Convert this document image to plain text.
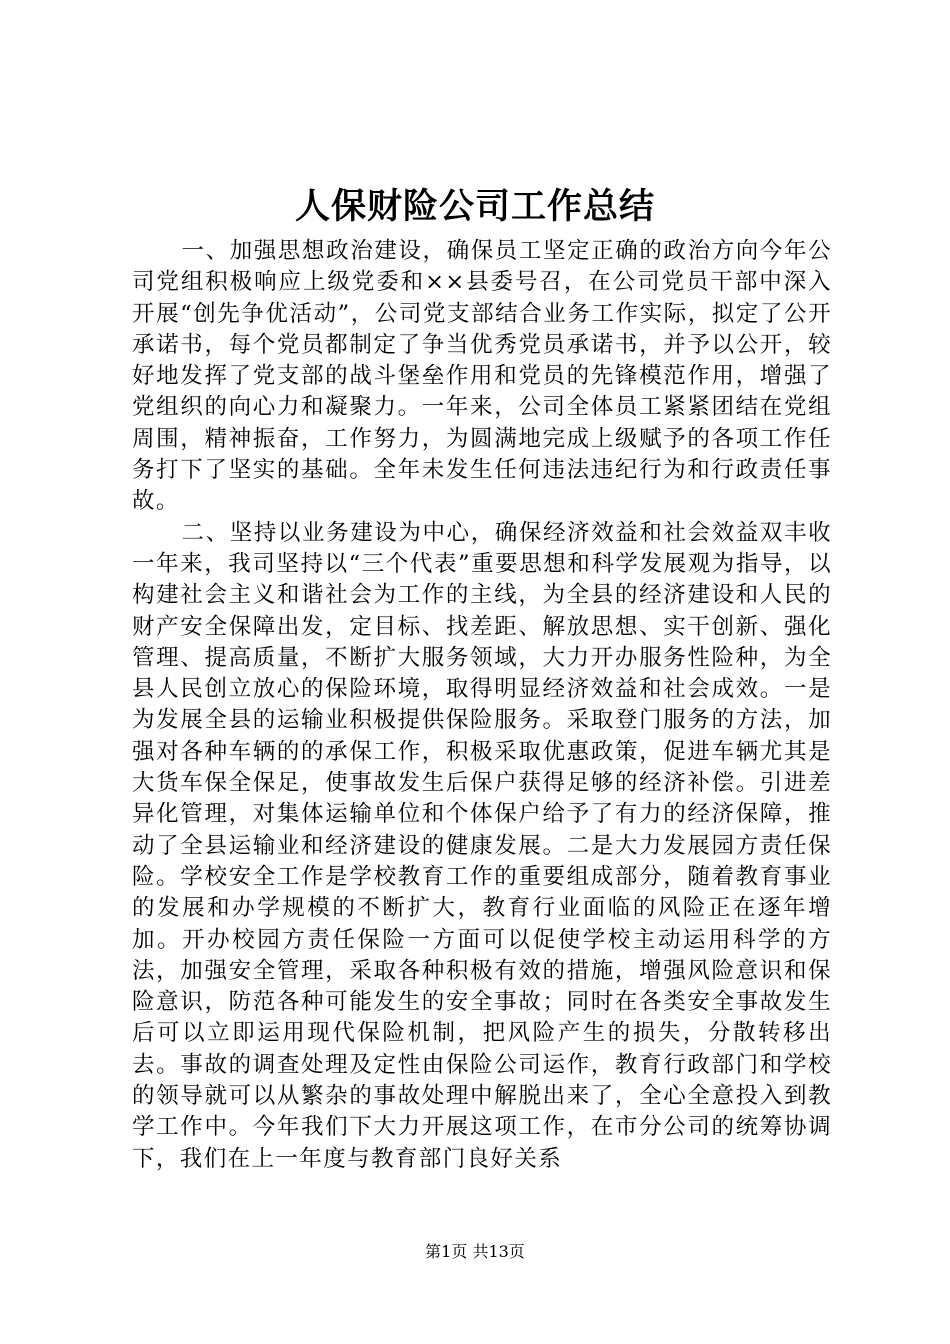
人保财险公司工作总结

一、加强思想政治建设，确保员工坚定正确的政治方向今年公司党组积极响应上级党委和××县委号召，在公司党员干部中深入开展“创先争优活动”，公司党支部结合业务工作实际，拟定了公开承诺书，每个党员都制定了争当优秀党员承诺书，并予以公开，较好地发挥了党支部的战斗堡垒作用和党员的先锋模范作用，增强了党组织的向心力和凝聚力。一年来，公司全体员工紧紧团结在党组周围，精神振奋，工作努力，为圆满地完成上级赋予的各项工作任务打下了坚实的基础。全年未发生任何违法违纪行为和行政责任事故。

二、坚持以业务建设为中心，确保经济效益和社会效益双丰收一年来，我司坚持以“三个代表”重要思想和科学发展观为指导，以构建社会主义和谐社会为工作的主线，为全县的经济建设和人民的财产安全保障出发，定目标、找差距、解放思想、实干创新、强化管理、提高质量，不断扩大服务领域，大力开办服务性险种，为全县人民创立放心的保险环境，取得明显经济效益和社会成效。一是为发展全县的运输业积极提供保险服务。采取登门服务的方法，加强对各种车辆的的承保工作，积极采取优惠政策，促进车辆尤其是大货车保全保足，使事故发生后保户获得足够的经济补偿。引进差异化管理，对集体运输单位和个体保户给予了有力的经济保障，推动了全县运输业和经济建设的健康发展。二是大力发展园方责任保险。学校安全工作是学校教育工作的重要组成部分，随着教育事业的发展和办学规模的不断扩大，教育行业面临的风险正在逐年增加。开办校园方责任保险一方面可以促使学校主动运用科学的方法，加强安全管理，采取各种积极有效的措施，增强风险意识和保险意识，防范各种可能发生的安全事故；同时在各类安全事故发生后可以立即运用现代保险机制，把风险产生的损失，分散转移出去。事故的调查处理及定性由保险公司运作，教育行政部门和学校的领导就可以从繁杂的事故处理中解脱出来了，全心全意投入到教学工作中。今年我们下大力开展这项工作，在市分公司的统筹协调下，我们在上一年度与教育部门良好关系

第1页 共13页
